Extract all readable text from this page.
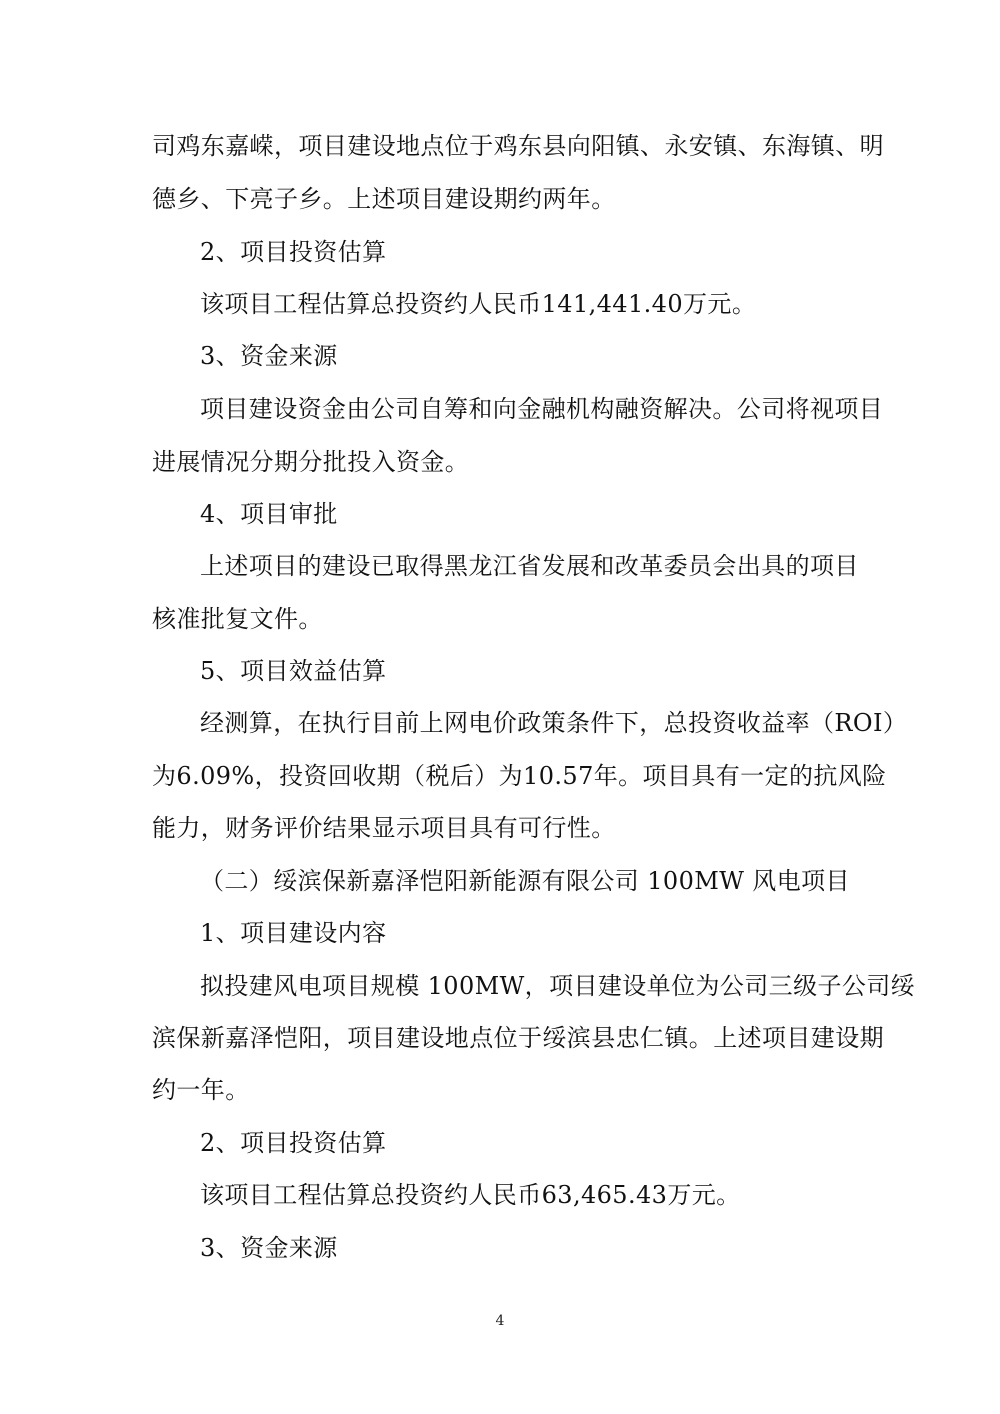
司鸡东嘉嵘，项目建设地点位于鸡东县向阳镇、永安镇、东海镇、明
德乡、下亮子乡。上述项目建设期约两年。
2、项目投资估算
该项目工程估算总投资约人民币141,441.40万元。
3、资金来源
项目建设资金由公司自筹和向金融机构融资解决。公司将视项目
进展情况分期分批投入资金。
4、项目审批
上述项目的建设已取得黑龙江省发展和改革委员会出具的项目
核准批复文件。
5、项目效益估算
经测算，在执行目前上网电价政策条件下，总投资收益率（ROI）
为6.09%，投资回收期（税后）为10.57年。项目具有一定的抗风险
能力，财务评价结果显示项目具有可行性。
（二）绥滨保新嘉泽恺阳新能源有限公司 100MW 风电项目
1、项目建设内容
拟投建风电项目规模 100MW，项目建设单位为公司三级子公司绥
滨保新嘉泽恺阳，项目建设地点位于绥滨县忠仁镇。上述项目建设期
约一年。
2、项目投资估算
该项目工程估算总投资约人民币63,465.43万元。
3、资金来源
4
